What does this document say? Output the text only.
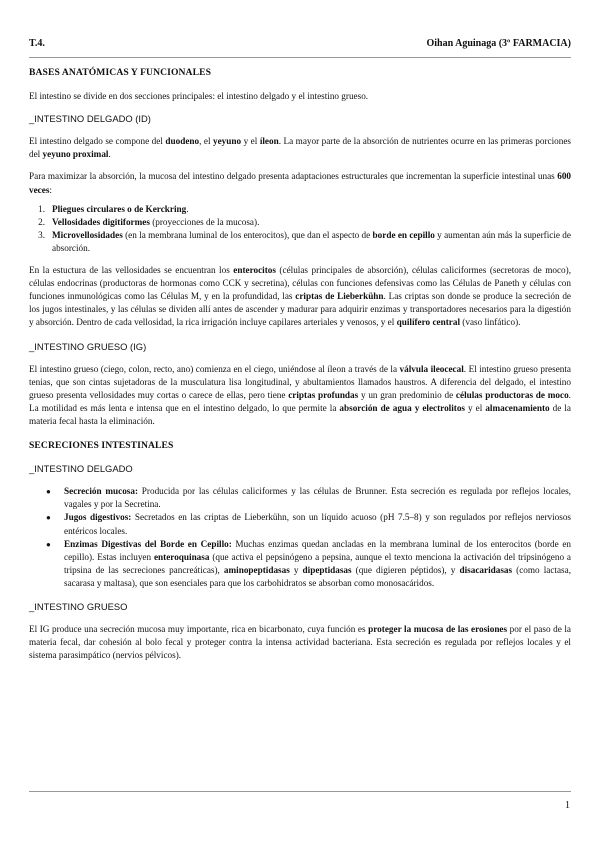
T.4.	Oihan Aguinaga (3º FARMACIA)

BASES ANATÓMICAS Y FUNCIONALES

El intestino se divide en dos secciones principales: el intestino delgado y el intestino grueso.

_INTESTINO DELGADO (ID)

El intestino delgado se compone del duodeno, el yeyuno y el íleon. La mayor parte de la absorción de nutrientes ocurre en las primeras porciones del yeyuno proximal.

Para maximizar la absorción, la mucosa del intestino delgado presenta adaptaciones estructurales que incrementan la superficie intestinal unas 600 veces:

1. Pliegues circulares o de Kerckring.
2. Vellosidades digitiformes (proyecciones de la mucosa).
3. Microvellosidades (en la membrana luminal de los enterocitos), que dan el aspecto de borde en cepillo y aumentan aún más la superficie de absorción.

En la estuctura de las vellosidades se encuentran los enterocitos (células principales de absorción), células caliciformes (secretoras de moco), células endocrinas (productoras de hormonas como CCK y secretina), células con funciones defensivas como las Células de Paneth y células con funciones inmunológicas como las Células M, y en la profundidad, las criptas de Lieberkühn. Las criptas son donde se produce la secreción de los jugos intestinales, y las células se dividen allí antes de ascender y madurar para adquirir enzimas y transportadores necesarios para la digestión y absorción. Dentro de cada vellosidad, la rica irrigación incluye capilares arteriales y venosos, y el quilífero central (vaso linfático).

_INTESTINO GRUESO (IG)

El intestino grueso (ciego, colon, recto, ano) comienza en el ciego, uniéndose al íleon a través de la válvula ileocecal. El intestino grueso presenta tenias, que son cintas sujetadoras de la musculatura lisa longitudinal, y abultamientos llamados haustros. A diferencia del delgado, el intestino grueso presenta vellosidades muy cortas o carece de ellas, pero tiene criptas profundas y un gran predominio de células productoras de moco. La motilidad es más lenta e intensa que en el intestino delgado, lo que permite la absorción de agua y electrolitos y el almacenamiento de la materia fecal hasta la eliminación.

SECRECIONES INTESTINALES

_INTESTINO DELGADO

● Secreción mucosa: Producida por las células caliciformes y las células de Brunner. Esta secreción es regulada por reflejos locales, vagales y por la Secretina.
● Jugos digestivos: Secretados en las criptas de Lieberkühn, son un líquido acuoso (pH 7.5–8) y son regulados por reflejos nerviosos entéricos locales.
● Enzimas Digestivas del Borde en Cepillo: Muchas enzimas quedan ancladas en la membrana luminal de los enterocitos (borde en cepillo). Estas incluyen enteroquinasa (que activa el pepsinógeno a pepsina, aunque el texto menciona la activación del tripsinógeno a tripsina de las secreciones pancreáticas), aminopeptidasas y dipeptidasas (que digieren péptidos), y disacaridasas (como lactasa, sacarasa y maltasa), que son esenciales para que los carbohidratos se absorban como monosacáridos.

_INTESTINO GRUESO

El IG produce una secreción mucosa muy importante, rica en bicarbonato, cuya función es proteger la mucosa de las erosiones por el paso de la materia fecal, dar cohesión al bolo fecal y proteger contra la intensa actividad bacteriana. Esta secreción es regulada por reflejos locales y el sistema parasimpático (nervios pélvicos).

1
